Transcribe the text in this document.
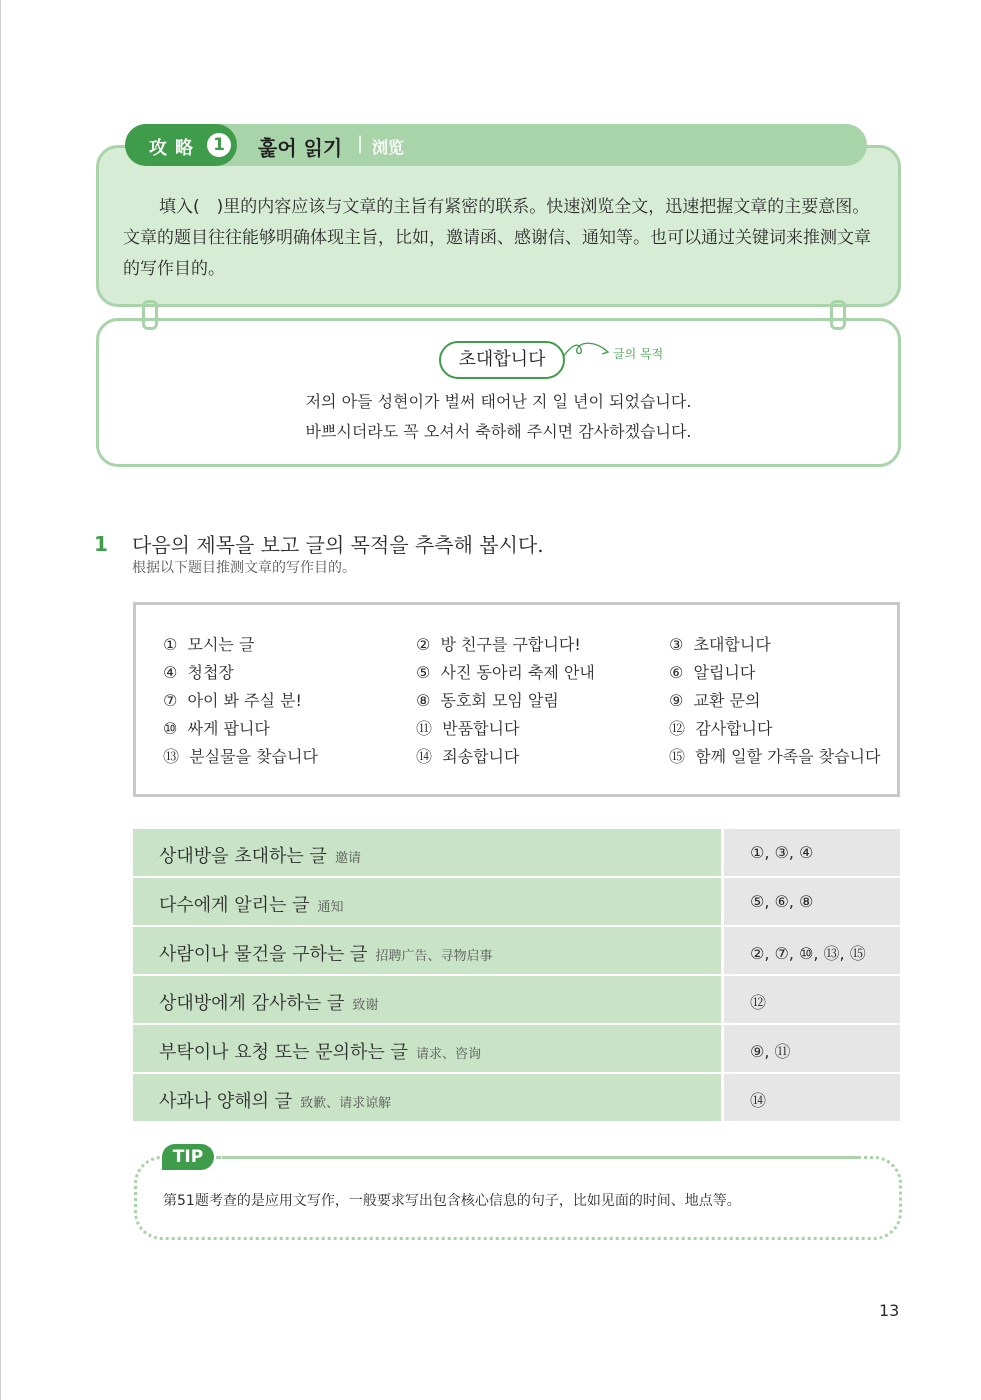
攻略 1	훑어 읽기 | 浏览
填入(　)里的内容应该与文章的主旨有紧密的联系。快速浏览全文，迅速把握文章的主要意图。文章的题目往往能够明确体现主旨，比如，邀请函、感谢信、通知等。也可以通过关键词来推测文章的写作目的。
초대합니다	글의 목적
저의 아들 성현이가 벌써 태어난 지 일 년이 되었습니다.
바쁘시더라도 꼭 오셔서 축하해 주시면 감사하겠습니다.
1 다음의 제목을 보고 글의 목적을 추측해 봅시다.
根据以下题目推测文章的写作目的。
① 모시는 글	② 방 친구를 구합니다!	③ 초대합니다
④ 청첩장	⑤ 사진 동아리 축제 안내	⑥ 알립니다
⑦ 아이 봐 주실 분!	⑧ 동호회 모임 알림	⑨ 교환 문의
⑩ 싸게 팝니다	⑪ 반품합니다	⑫ 감사합니다
⑬ 분실물을 찾습니다	⑭ 죄송합니다	⑮ 함께 일할 가족을 찾습니다
상대방을 초대하는 글 邀请	①, ③, ④
다수에게 알리는 글 通知	⑤, ⑥, ⑧
사람이나 물건을 구하는 글 招聘广告、寻物启事	②, ⑦, ⑩, ⑬, ⑮
상대방에게 감사하는 글 致谢	⑫
부탁이나 요청 또는 문의하는 글 请求、咨询	⑨, ⑪
사과나 양해의 글 致歉、请求谅解	⑭
TIP
第51题考查的是应用文写作，一般要求写出包含核心信息的句子，比如见面的时间、地点等。
13
